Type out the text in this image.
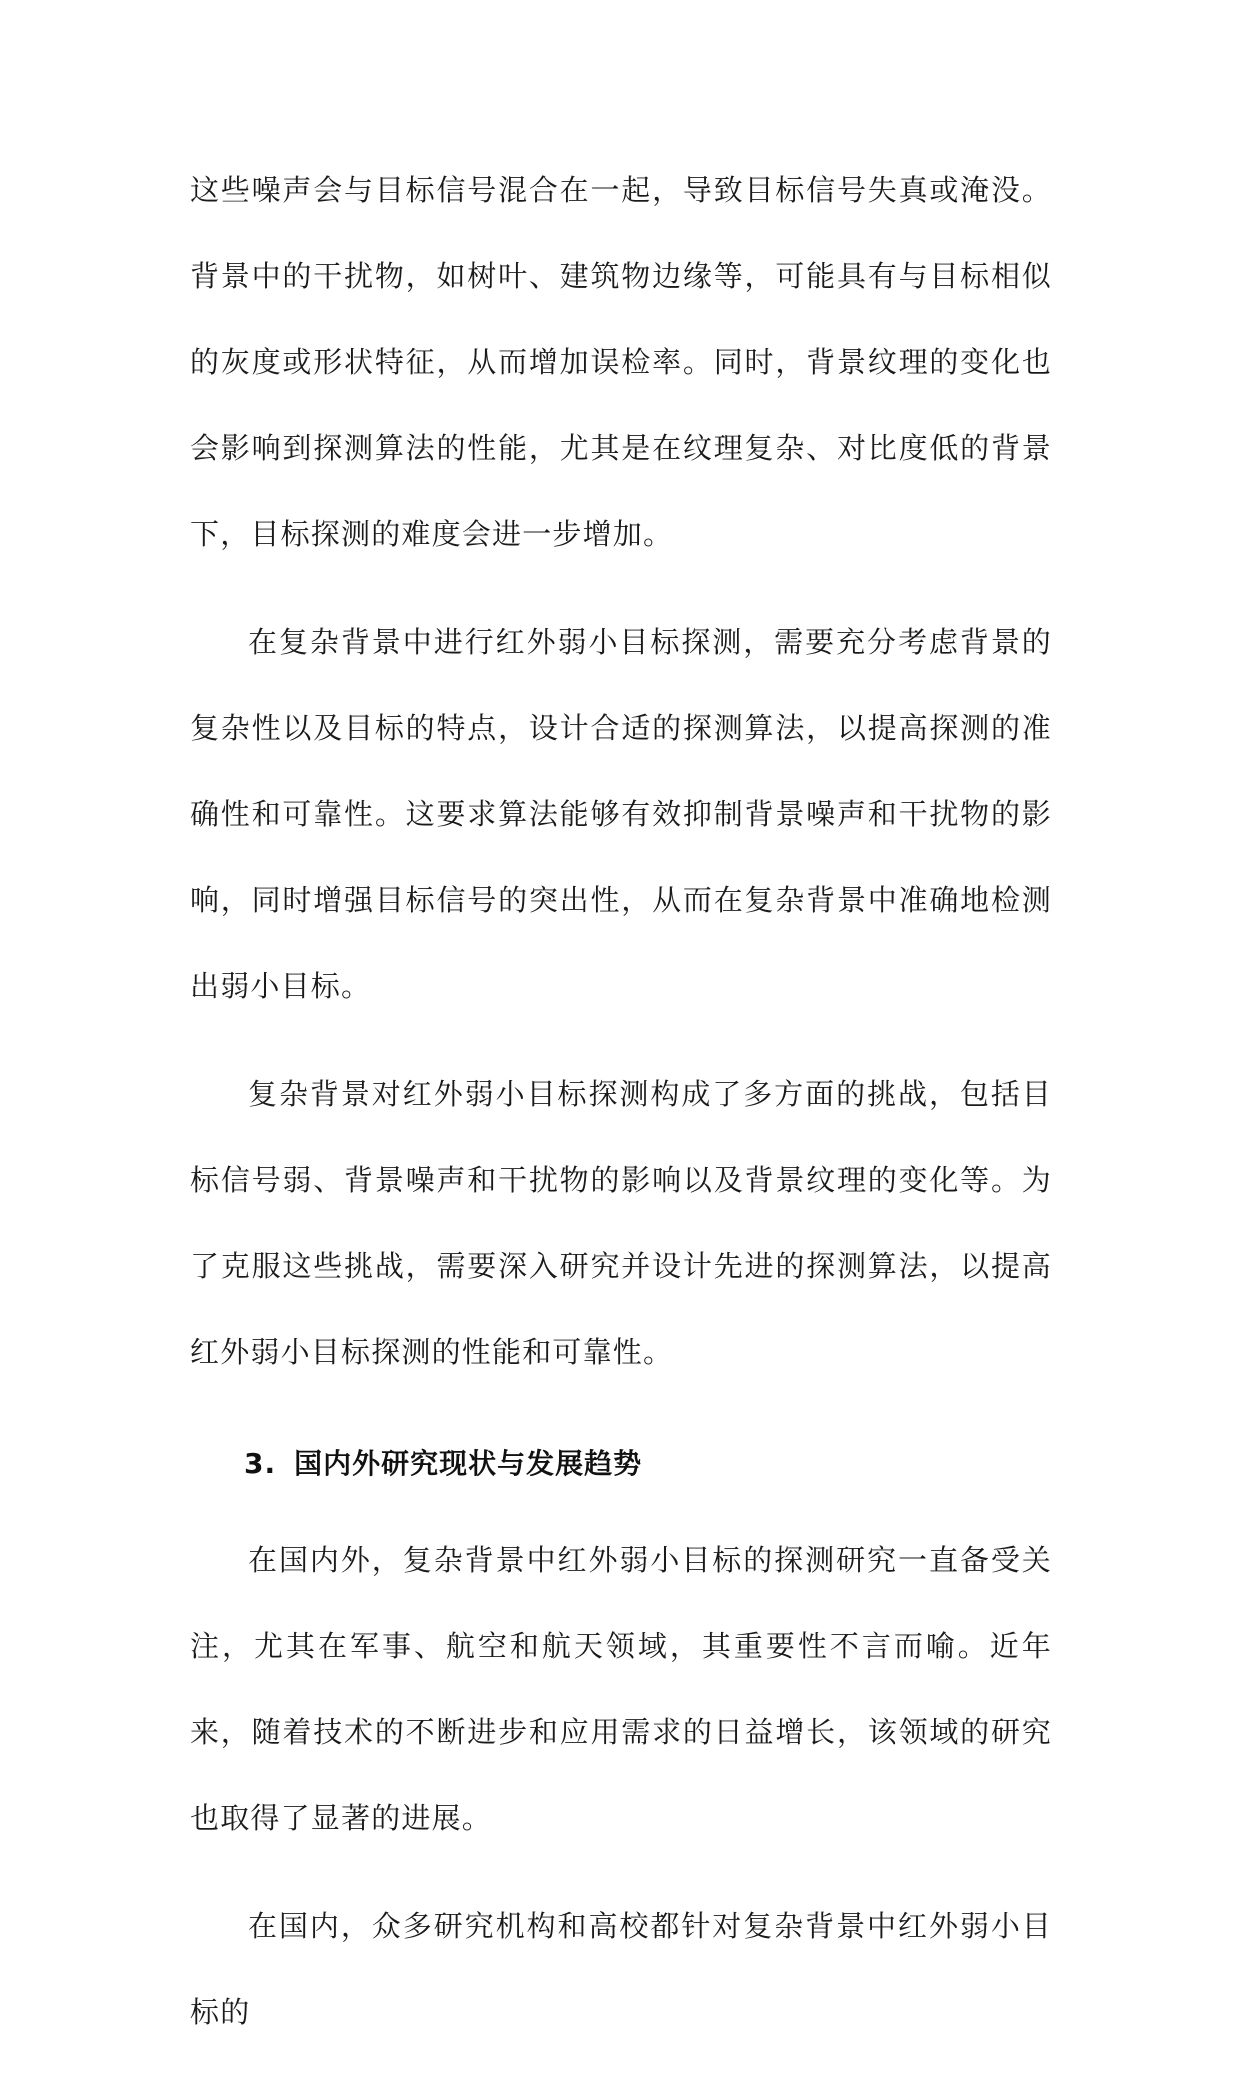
这些噪声会与目标信号混合在一起，导致目标信号失真或淹没。背景中的干扰物，如树叶、建筑物边缘等，可能具有与目标相似的灰度或形状特征，从而增加误检率。同时，背景纹理的变化也会影响到探测算法的性能，尤其是在纹理复杂、对比度低的背景下，目标探测的难度会进一步增加。

在复杂背景中进行红外弱小目标探测，需要充分考虑背景的复杂性以及目标的特点，设计合适的探测算法，以提高探测的准确性和可靠性。这要求算法能够有效抑制背景噪声和干扰物的影响，同时增强目标信号的突出性，从而在复杂背景中准确地检测出弱小目标。

复杂背景对红外弱小目标探测构成了多方面的挑战，包括目标信号弱、背景噪声和干扰物的影响以及背景纹理的变化等。为了克服这些挑战，需要深入研究并设计先进的探测算法，以提高红外弱小目标探测的性能和可靠性。

3. 国内外研究现状与发展趋势

在国内外，复杂背景中红外弱小目标的探测研究一直备受关注，尤其在军事、航空和航天领域，其重要性不言而喻。近年来，随着技术的不断进步和应用需求的日益增长，该领域的研究也取得了显著的进展。

在国内，众多研究机构和高校都针对复杂背景中红外弱小目标的
